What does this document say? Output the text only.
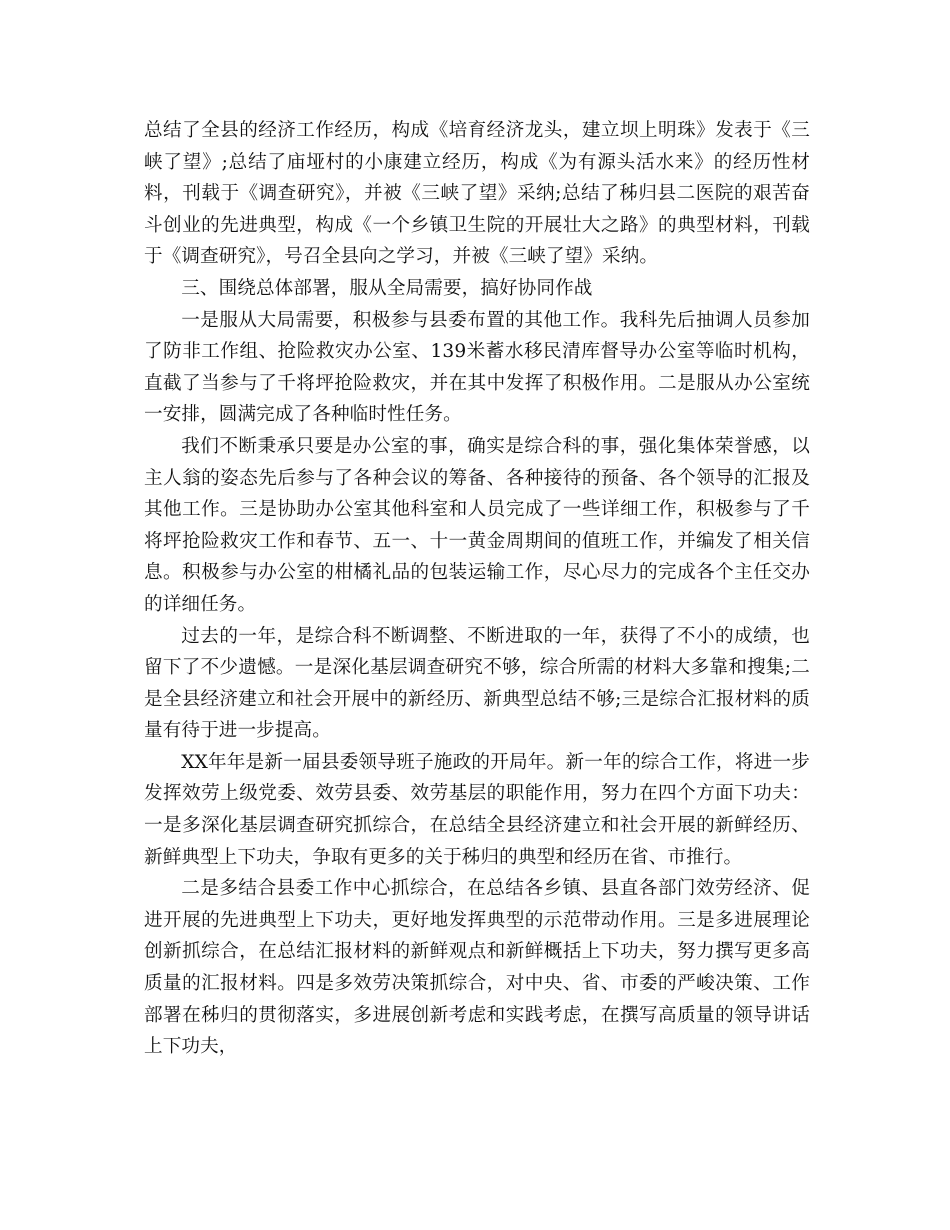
总结了全县的经济工作经历，构成《培育经济龙头，建立坝上明珠》发表于《三峡了望》;总结了庙垭村的小康建立经历，构成《为有源头活水来》的经历性材料，刊载于《调查研究》，并被《三峡了望》采纳;总结了秭归县二医院的艰苦奋斗创业的先进典型，构成《一个乡镇卫生院的开展壮大之路》的典型材料，刊载于《调查研究》，号召全县向之学习，并被《三峡了望》采纳。

三、围绕总体部署，服从全局需要，搞好协同作战

一是服从大局需要，积极参与县委布置的其他工作。我科先后抽调人员参加了防非工作组、抢险救灾办公室、139米蓄水移民清库督导办公室等临时机构，直截了当参与了千将坪抢险救灾，并在其中发挥了积极作用。二是服从办公室统一安排，圆满完成了各种临时性任务。

我们不断秉承只要是办公室的事，确实是综合科的事，强化集体荣誉感，以主人翁的姿态先后参与了各种会议的筹备、各种接待的预备、各个领导的汇报及其他工作。三是协助办公室其他科室和人员完成了一些详细工作，积极参与了千将坪抢险救灾工作和春节、五一、十一黄金周期间的值班工作，并编发了相关信息。积极参与办公室的柑橘礼品的包装运输工作，尽心尽力的完成各个主任交办的详细任务。

过去的一年，是综合科不断调整、不断进取的一年，获得了不小的成绩，也留下了不少遗憾。一是深化基层调查研究不够，综合所需的材料大多靠和搜集;二是全县经济建立和社会开展中的新经历、新典型总结不够;三是综合汇报材料的质量有待于进一步提高。

XX年年是新一届县委领导班子施政的开局年。新一年的综合工作，将进一步发挥效劳上级党委、效劳县委、效劳基层的职能作用，努力在四个方面下功夫：一是多深化基层调查研究抓综合，在总结全县经济建立和社会开展的新鲜经历、新鲜典型上下功夫，争取有更多的关于秭归的典型和经历在省、市推行。

二是多结合县委工作中心抓综合，在总结各乡镇、县直各部门效劳经济、促进开展的先进典型上下功夫，更好地发挥典型的示范带动作用。三是多进展理论创新抓综合，在总结汇报材料的新鲜观点和新鲜概括上下功夫，努力撰写更多高质量的汇报材料。四是多效劳决策抓综合，对中央、省、市委的严峻决策、工作部署在秭归的贯彻落实，多进展创新考虑和实践考虑，在撰写高质量的领导讲话上下功夫，
